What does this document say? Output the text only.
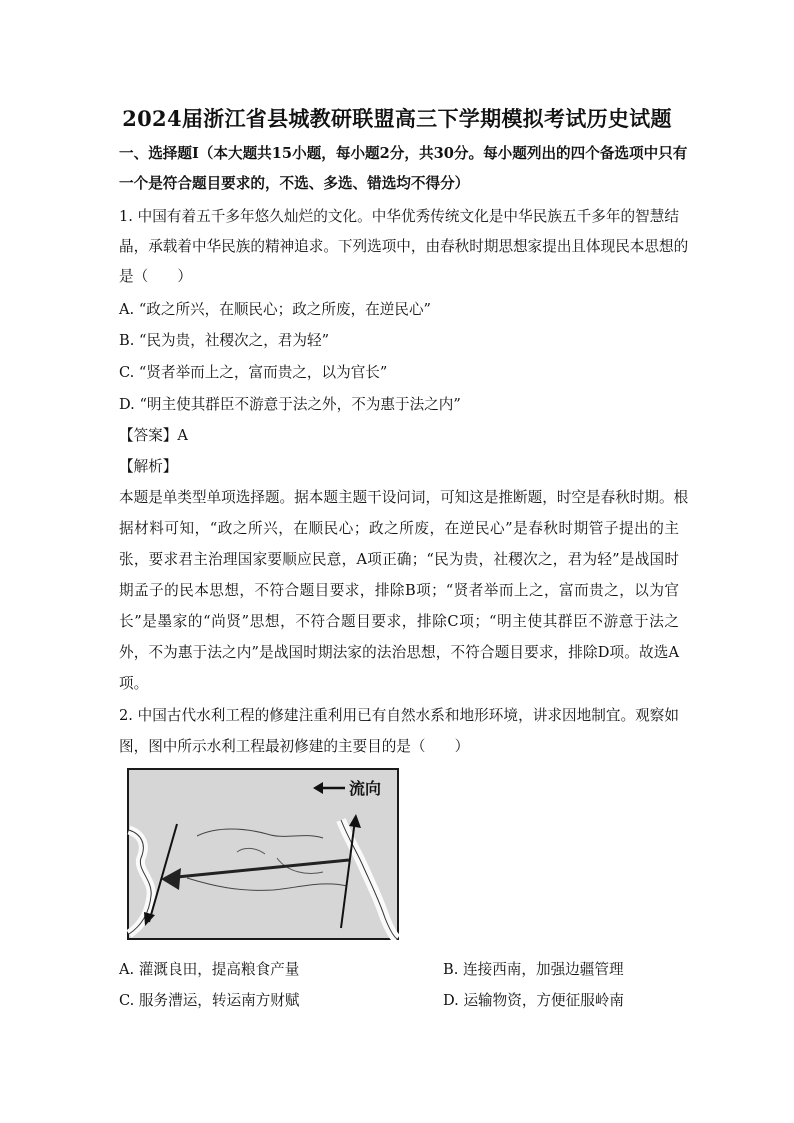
2024届浙江省县城教研联盟高三下学期模拟考试历史试题
一、选择题Ⅰ（本大题共15小题，每小题2分，共30分。每小题列出的四个备选项中只有
一个是符合题目要求的，不选、多选、错选均不得分）
1. 中国有着五千多年悠久灿烂的文化。中华优秀传统文化是中华民族五千多年的智慧结
晶，承载着中华民族的精神追求。下列选项中，由春秋时期思想家提出且体现民本思想的
是（　　）
A. “政之所兴，在顺民心；政之所废，在逆民心”
B. “民为贵，社稷次之，君为轻”
C. “贤者举而上之，富而贵之，以为官长”
D. “明主使其群臣不游意于法之外，不为惠于法之内”
【答案】A
【解析】
本题是单类型单项选择题。据本题主题干设问词，可知这是推断题，时空是春秋时期。根
据材料可知，“政之所兴，在顺民心；政之所废，在逆民心”是春秋时期管子提出的主
张，要求君主治理国家要顺应民意，A项正确；“民为贵，社稷次之，君为轻”是战国时
期孟子的民本思想，不符合题目要求，排除B项；“贤者举而上之，富而贵之，以为官
长”是墨家的“尚贤”思想，不符合题目要求，排除C项；“明主使其群臣不游意于法之
外，不为惠于法之内”是战国时期法家的法治思想，不符合题目要求，排除D项。故选A
项。
2. 中国古代水利工程的修建注重利用已有自然水系和地形环境，讲求因地制宜。观察如
图，图中所示水利工程最初修建的主要目的是（　　）
流向
A. 灌溉良田，提高粮食产量	B. 连接西南，加强边疆管理
C. 服务漕运，转运南方财赋	D. 运输物资，方便征服岭南
